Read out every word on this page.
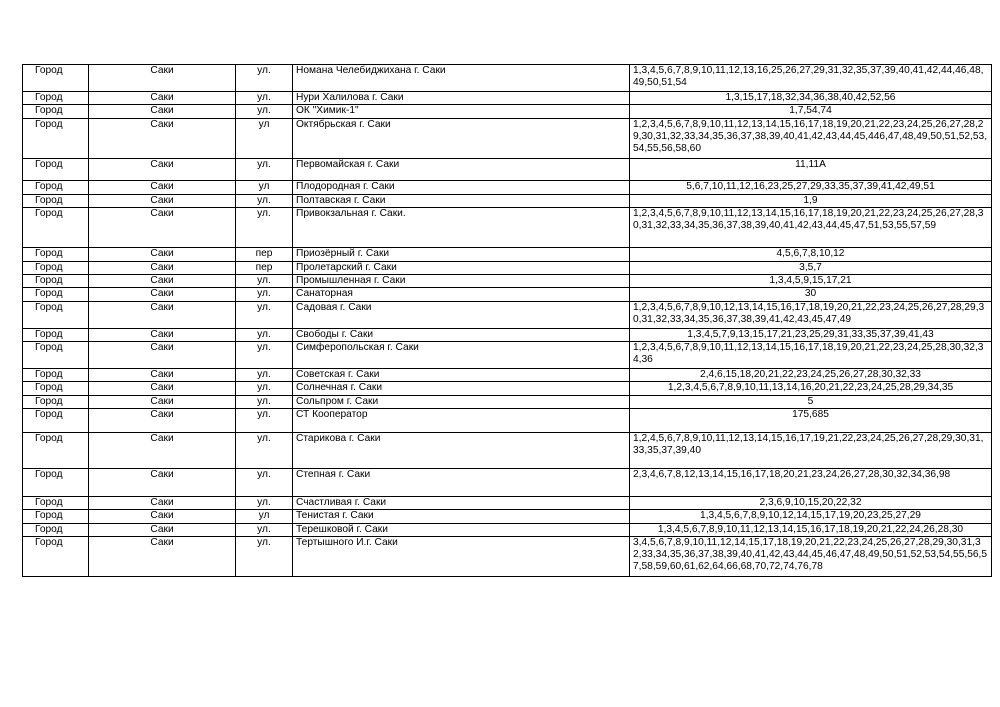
Город	Саки	ул.	Номана Челебиджихана г. Саки	1,3,4,5,6,7,8,9,10,11,12,13,16,25,26,27,29,31,32,35,37,39,40,41,42,44,46,48,49,50,51,54
Город	Саки	ул.	Нури Халилова г. Саки	1,3,15,17,18,32,34,36,38,40,42,52,56
Город	Саки	ул.	ОК "Химик-1"	1,7,54,74
Город	Саки	ул	Октябрьская г. Саки	1,2,3,4,5,6,7,8,9,10,11,12,13,14,15,16,17,18,19,20,21,22,23,24,25,26,27,28,29,30,31,32,33,34,35,36,37,38,39,40,41,42,43,44,45,446,47,48,49,50,51,52,53,54,55,56,58,60
Город	Саки	ул.	Первомайская г. Саки	11,11А
Город	Саки	ул	Плодородная г. Саки	5,6,7,10,11,12,16,23,25,27,29,33,35,37,39,41,42,49,51
Город	Саки	ул.	Полтавская г. Саки	1,9
Город	Саки	ул.	Привокзальная г. Саки.	1,2,3,4,5,6,7,8,9,10,11,12,13,14,15,16,17,18,19,20,21,22,23,24,25,26,27,28,30,31,32,33,34,35,36,37,38,39,40,41,42,43,44,45,47,51,53,55,57,59
Город	Саки	пер	Приозёрный г. Саки	4,5,6,7,8,10,12
Город	Саки	пер	Пролетарский г. Саки	3,5,7
Город	Саки	ул.	Промышленная г. Саки	1,3,4,5,9,15,17,21
Город	Саки	ул.	Санаторная	30
Город	Саки	ул.	Садовая г. Саки	1,2,3,4,5,6,7,8,9,10,12,13,14,15,16,17,18,19,20,21,22,23,24,25,26,27,28,29,30,31,32,33,34,35,36,37,38,39,41,42,43,45,47,49
Город	Саки	ул.	Свободы г. Саки	1,3,4,5,7,9,13,15,17,21,23,25,29,31,33,35,37,39,41,43
Город	Саки	ул.	Симферопольская г. Саки	1,2,3,4,5,6,7,8,9,10,11,12,13,14,15,16,17,18,19,20,21,22,23,24,25,28,30,32,34,36
Город	Саки	ул.	Советская г. Саки	2,4,6,15,18,20,21,22,23,24,25,26,27,28,30,32,33
Город	Саки	ул.	Солнечная г. Саки	1,2,3,4,5,6,7,8,9,10,11,13,14,16,20,21,22,23,24,25,28,29,34,35
Город	Саки	ул.	Сольпром г. Саки	5
Город	Саки	ул.	СТ Кооператор	175,685
Город	Саки	ул.	Старикова г. Саки	1,2,4,5,6,7,8,9,10,11,12,13,14,15,16,17,19,21,22,23,24,25,26,27,28,29,30,31,33,35,37,39,40
Город	Саки	ул.	Степная г. Саки	2,3,4,6,7,8,12,13,14,15,16,17,18,20,21,23,24,26,27,28,30,32,34,36,98
Город	Саки	ул.	Счастливая г. Саки	2,3,6,9,10,15,20,22,32
Город	Саки	ул	Тенистая г. Саки	1,3,4,5,6,7,8,9,10,12,14,15,17,19,20,23,25,27,29
Город	Саки	ул.	Терешковой г. Саки	1,3,4,5,6,7,8,9,10,11,12,13,14,15,16,17,18,19,20,21,22,24,26,28,30
Город	Саки	ул.	Тертышного И.г. Саки	3,4,5,6,7,8,9,10,11,12,14,15,17,18,19,20,21,22,23,24,25,26,27,28,29,30,31,32,33,34,35,36,37,38,39,40,41,42,43,44,45,46,47,48,49,50,51,52,53,54,55,56,57,58,59,60,61,62,64,66,68,70,72,74,76,78
